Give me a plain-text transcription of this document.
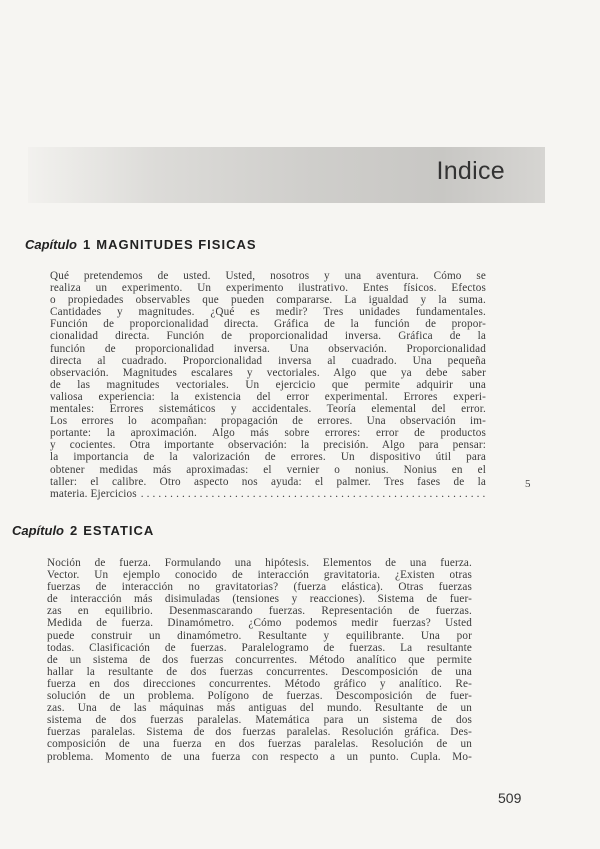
Indice
Capítulo 1 MAGNITUDES FISICAS
Qué pretendemos de usted. Usted, nosotros y una aventura. Cómo se
realiza un experimento. Un experimento ilustrativo. Entes físicos. Efectos
o propiedades observables que pueden compararse. La igualdad y la suma.
Cantidades y magnitudes. ¿Qué es medir? Tres unidades fundamentales.
Función de proporcionalidad directa. Gráfica de la función de propor-
cionalidad directa. Función de proporcionalidad inversa. Gráfica de la
función de proporcionalidad inversa. Una observación. Proporcionalidad
directa al cuadrado. Proporcionalidad inversa al cuadrado. Una pequeña
observación. Magnitudes escalares y vectoriales. Algo que ya debe saber
de las magnitudes vectoriales. Un ejercicio que permite adquirir una
valiosa experiencia: la existencia del error experimental. Errores experi-
mentales: Errores sistemáticos y accidentales. Teoría elemental del error.
Los errores lo acompañan: propagación de errores. Una observación im-
portante: la aproximación. Algo más sobre errores: error de productos
y cocientes. Otra importante observación: la precisión. Algo para pensar:
la importancia de la valorización de errores. Un dispositivo útil para
obtener medidas más aproximadas: el vernier o nonius. Nonius en el
taller: el calibre. Otro aspecto nos ayuda: el palmer. Tres fases de la
materia. Ejercicios
. . .
5
Capítulo 2 ESTATICA
Noción de fuerza. Formulando una hipótesis. Elementos de una fuerza.
Vector. Un ejemplo conocido de interacción gravitatoria. ¿Existen otras
fuerzas de interacción no gravitatorias? (fuerza elástica). Otras fuerzas
de interacción más disimuladas (tensiones y reacciones). Sistema de fuer-
zas en equilibrio. Desenmascarando fuerzas. Representación de fuerzas.
Medida de fuerza. Dinamómetro. ¿Cómo podemos medir fuerzas? Usted
puede construir un dinamómetro. Resultante y equilibrante. Una por
todas. Clasificación de fuerzas. Paralelogramo de fuerzas. La resultante
de un sistema de dos fuerzas concurrentes. Método analítico que permite
hallar la resultante de dos fuerzas concurrentes. Descomposición de una
fuerza en dos direcciones concurrentes. Método gráfico y analítico. Re-
solución de un problema. Polígono de fuerzas. Descomposición de fuer-
zas. Una de las máquinas más antiguas del mundo. Resultante de un
sistema de dos fuerzas paralelas. Matemática para un sistema de dos
fuerzas paralelas. Sistema de dos fuerzas paralelas. Resolución gráfica. Des-
composición de una fuerza en dos fuerzas paralelas. Resolución de un
problema. Momento de una fuerza con respecto a un punto. Cupla. Mo-
509
